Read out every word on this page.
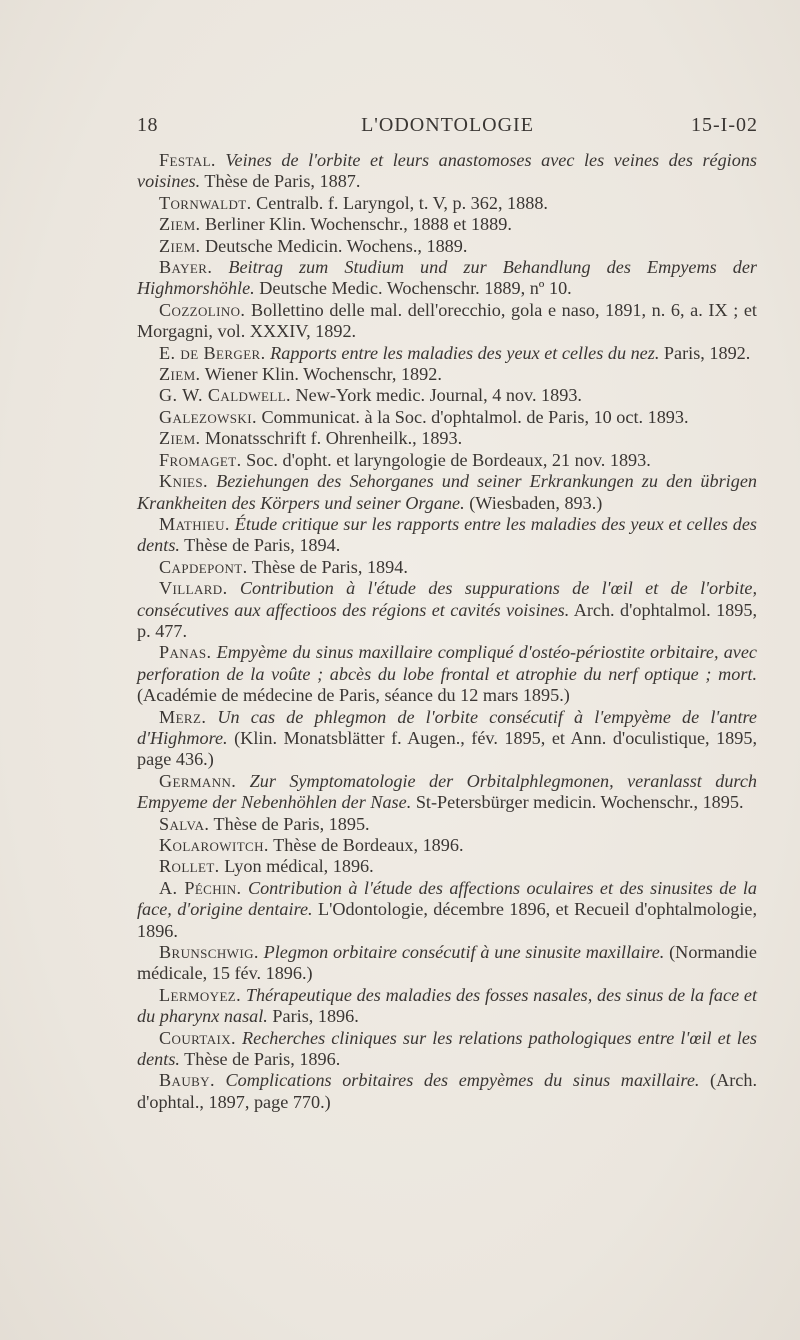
18	L'ODONTOLOGIE	15-I-02

Festal. Veines de l'orbite et leurs anastomoses avec les veines des régions voisines. Thèse de Paris, 1887.

Tornwaldt. Centralb. f. Laryngol, t. V, p. 362, 1888.

Ziem. Berliner Klin. Wochenschr., 1888 et 1889.

Ziem. Deutsche Medicin. Wochens., 1889.

Bayer. Beitrag zum Studium und zur Behandlung des Empyems der Highmorshöhle. Deutsche Medic. Wochenschr. 1889, nº 10.

Cozzolino. Bollettino delle mal. dell'orecchio, gola e naso, 1891, n. 6, a. IX ; et Morgagni, vol. XXXIV, 1892.

E. de Berger. Rapports entre les maladies des yeux et celles du nez. Paris, 1892.

Ziem. Wiener Klin. Wochenschr, 1892.

G. W. Caldwell. New-York medic. Journal, 4 nov. 1893.

Galezowski. Communicat. à la Soc. d'ophtalmol. de Paris, 10 oct. 1893.

Ziem. Monatsschrift f. Ohrenheilk., 1893.

Fromaget. Soc. d'opht. et laryngologie de Bordeaux, 21 nov. 1893.

Knies. Beziehungen des Sehorganes und seiner Erkrankungen zu den übrigen Krankheiten des Körpers und seiner Organe. (Wiesbaden, 893.)

Mathieu. Étude critique sur les rapports entre les maladies des yeux et celles des dents. Thèse de Paris, 1894.

Capdepont. Thèse de Paris, 1894.

Villard. Contribution à l'étude des suppurations de l'œil et de l'orbite, consécutives aux affectioos des régions et cavités voisines. Arch. d'ophtalmol. 1895, p. 477.

Panas. Empyème du sinus maxillaire compliqué d'ostéo-périostite orbitaire, avec perforation de la voûte ; abcès du lobe frontal et atrophie du nerf optique ; mort. (Académie de médecine de Paris, séance du 12 mars 1895.)

Merz. Un cas de phlegmon de l'orbite consécutif à l'empyème de l'antre d'Highmore. (Klin. Monatsblätter f. Augen., fév. 1895, et Ann. d'oculistique, 1895, page 436.)

Germann. Zur Symptomatologie der Orbitalphlegmonen, veranlasst durch Empyeme der Nebenhöhlen der Nase. St-Petersbürger medicin. Wochenschr., 1895.

Salva. Thèse de Paris, 1895.

Kolarowitch. Thèse de Bordeaux, 1896.

Rollet. Lyon médical, 1896.

A. Péchin. Contribution à l'étude des affections oculaires et des sinusites de la face, d'origine dentaire. L'Odontologie, décembre 1896, et Recueil d'ophtalmologie, 1896.

Brunschwig. Plegmon orbitaire consécutif à une sinusite maxillaire. (Normandie médicale, 15 fév. 1896.)

Lermoyez. Thérapeutique des maladies des fosses nasales, des sinus de la face et du pharynx nasal. Paris, 1896.

Courtaix. Recherches cliniques sur les relations pathologiques entre l'œil et les dents. Thèse de Paris, 1896.

Bauby. Complications orbitaires des empyèmes du sinus maxillaire. (Arch. d'ophtal., 1897, page 770.)
